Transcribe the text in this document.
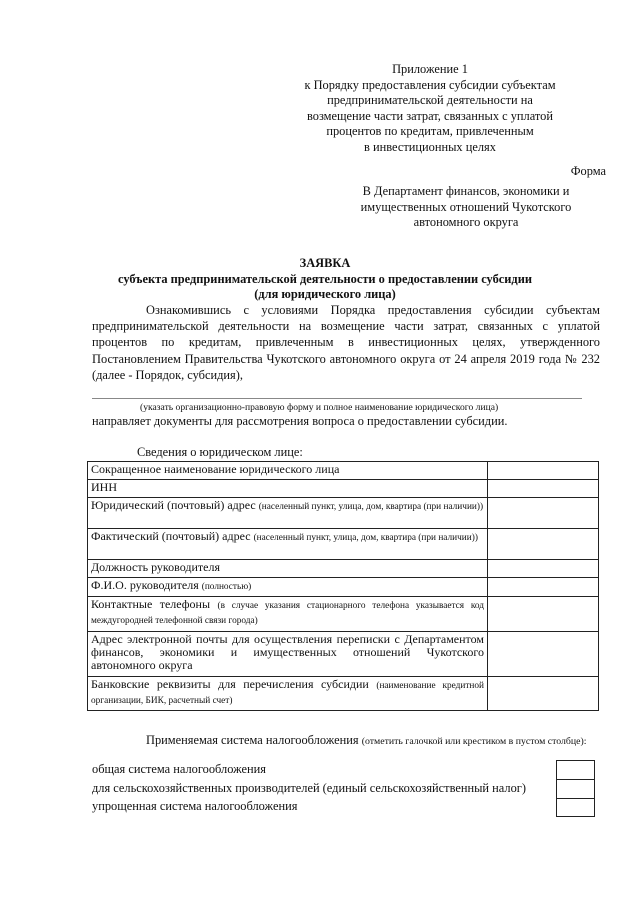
Приложение 1
к Порядку предоставления субсидии субъектам
предпринимательской деятельности на
возмещение части затрат, связанных с уплатой
процентов по кредитам, привлеченным
в инвестиционных целях
Форма
В Департамент финансов, экономики и
имущественных отношений Чукотского
автономного округа
ЗАЯВКА
субъекта предпринимательской деятельности о предоставлении субсидии
(для юридического лица)
Ознакомившись с условиями Порядка предоставления субсидии субъектам предпринимательской деятельности на возмещение части затрат, связанных с уплатой процентов по кредитам, привлеченным в инвестиционных целях, утвержденного Постановлением Правительства Чукотского автономного округа от 24 апреля 2019 года № 232 (далее - Порядок, субсидия),
(указать организационно-правовую форму и полное наименование юридического лица)
направляет документы для рассмотрения вопроса о предоставлении субсидии.
Сведения о юридическом лице:
Сокращенное наименование юридического лица	
ИНН	
Юридический (почтовый) адрес (населенный пункт, улица, дом, квартира (при наличии))	
Фактический (почтовый) адрес (населенный пункт, улица, дом, квартира (при наличии))	
Должность руководителя	
Ф.И.О. руководителя (полностью)	
Контактные телефоны (в случае указания стационарного телефона указывается код междугородней телефонной связи города)	
Адрес электронной почты для осуществления переписки с Департаментом финансов, экономики и имущественных отношений Чукотского автономного округа	
Банковские реквизиты для перечисления субсидии (наименование кредитной организации, БИК, расчетный счет)	
Применяемая система налогообложения (отметить галочкой или крестиком в пустом столбце):
общая система налогообложения
для сельскохозяйственных производителей (единый сельскохозяйственный налог)
упрощенная система налогообложения
